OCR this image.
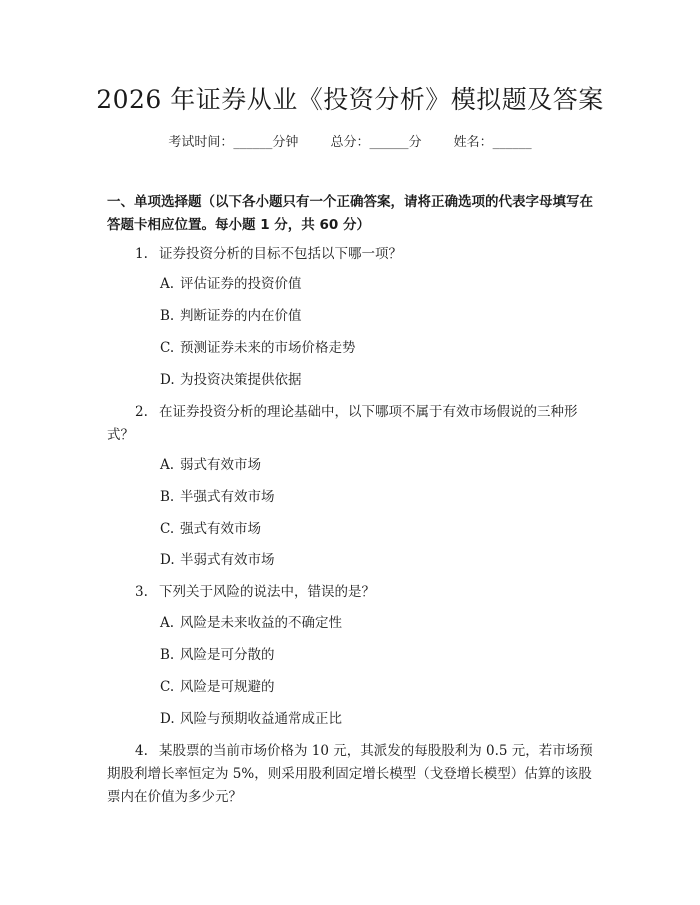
2026 年证券从业《投资分析》模拟题及答案
考试时间：______分钟 总分：______分 姓名：______
一、单项选择题（以下各小题只有一个正确答案，请将正确选项的代表字母填写在答题卡相应位置。每小题 1 分，共 60 分）
1. 证券投资分析的目标不包括以下哪一项？
A. 评估证券的投资价值
B. 判断证券的内在价值
C. 预测证券未来的市场价格走势
D. 为投资决策提供依据
2. 在证券投资分析的理论基础中，以下哪项不属于有效市场假说的三种形式？
A. 弱式有效市场
B. 半强式有效市场
C. 强式有效市场
D. 半弱式有效市场
3. 下列关于风险的说法中，错误的是？
A. 风险是未来收益的不确定性
B. 风险是可分散的
C. 风险是可规避的
D. 风险与预期收益通常成正比
4. 某股票的当前市场价格为 10 元，其派发的每股股利为 0.5 元，若市场预期股利增长率恒定为 5%，则采用股利固定增长模型（戈登增长模型）估算的该股票内在价值为多少元？
